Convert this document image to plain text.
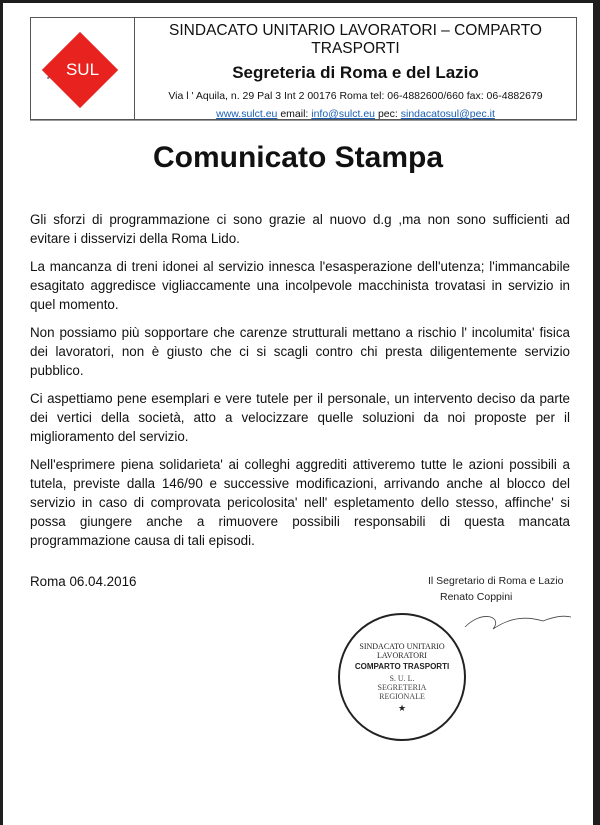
SUL
SINDACATO UNITARIO LAVORATORI – COMPARTO TRASPORTI
Segreteria di Roma e del Lazio
Via l ' Aquila, n. 29 Pal 3 Int 2 00176 Roma tel: 06-4882600/660 fax: 06-4882679
www.sulct.eu email: info@sulct.eu pec: sindacatosul@pec.it
Comunicato Stampa

Gli sforzi di programmazione ci sono grazie al nuovo d.g ,ma non sono sufficienti ad evitare i disservizi della Roma Lido.

La mancanza di treni idonei al servizio innesca l'esasperazione dell'utenza; l'immancabile esagitato aggredisce vigliaccamente una incolpevole macchinista trovatasi in servizio in quel momento.

Non possiamo più sopportare che carenze strutturali mettano a rischio l' incolumita' fisica dei lavoratori, non è giusto che ci si scagli contro chi presta diligentemente servizio pubblico.

Ci aspettiamo pene esemplari e vere tutele per il personale, un intervento deciso da parte dei vertici della società, atto a velocizzare quelle soluzioni da noi proposte per il miglioramento del servizio.

Nell'esprimere piena solidarieta' ai colleghi aggrediti attiveremo tutte le azioni possibili a tutela, previste dalla 146/90 e successive modificazioni, arrivando anche al blocco del servizio in caso di comprovata pericolosita' nell' espletamento dello stesso, affinche' si possa giungere anche a rimuovere possibili responsabili di questa mancata programmazione causa di tali episodi.

Roma 06.04.2016	Il Segretario di Roma e Lazio
Renato Coppini
SINDACATO UNITARIO LAVORATORI
COMPARTO TRASPORTI
S. U. L.
SEGRETERIA
REGIONALE
★
